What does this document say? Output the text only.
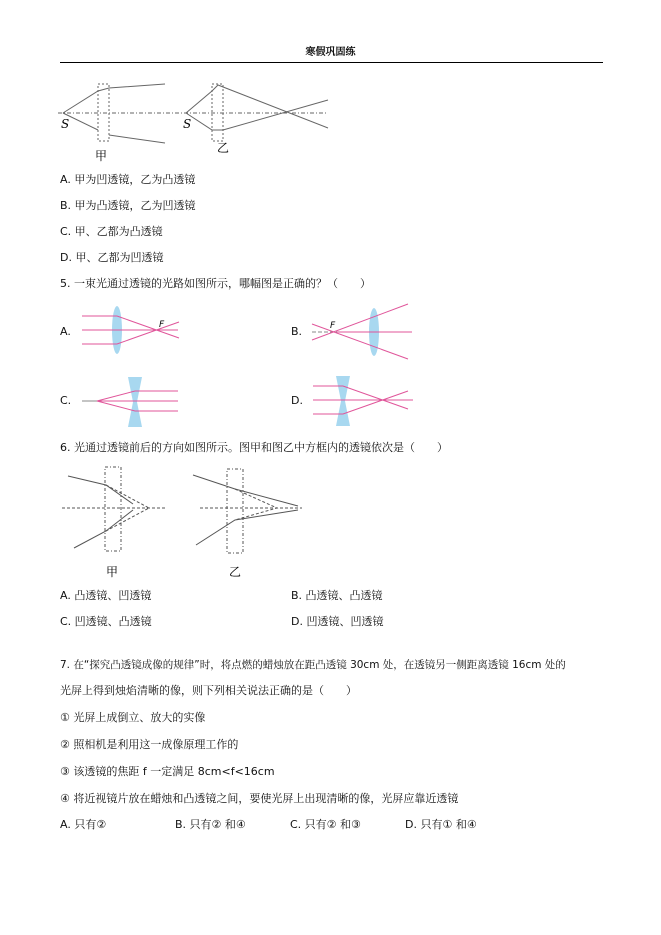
寒假巩固练
S	S
甲
乙
A. 甲为凹透镜，乙为凸透镜
B. 甲为凸透镜，乙为凹透镜
C. 甲、乙都为凸透镜
D. 甲、乙都为凹透镜
5. 一束光通过透镜的光路如图所示，哪幅图是正确的？（　　）
A.	B.
C.	D.
F	F
6. 光通过透镜前后的方向如图所示。图甲和图乙中方框内的透镜依次是（　　）
甲	乙
A. 凸透镜、凹透镜	B. 凸透镜、凸透镜
C. 凹透镜、凸透镜	D. 凹透镜、凹透镜
7. 在“探究凸透镜成像的规律”时，将点燃的蜡烛放在距凸透镜 30cm 处，在透镜另一侧距离透镜 16cm 处的
光屏上得到烛焰清晰的像，则下列相关说法正确的是（　　）
① 光屏上成倒立、放大的实像
② 照相机是利用这一成像原理工作的
③ 该透镜的焦距 f 一定满足 8cm<f<16cm
④ 将近视镜片放在蜡烛和凸透镜之间，要使光屏上出现清晰的像，光屏应靠近透镜
A. 只有②	B. 只有② 和④	C. 只有② 和③	D. 只有① 和④
